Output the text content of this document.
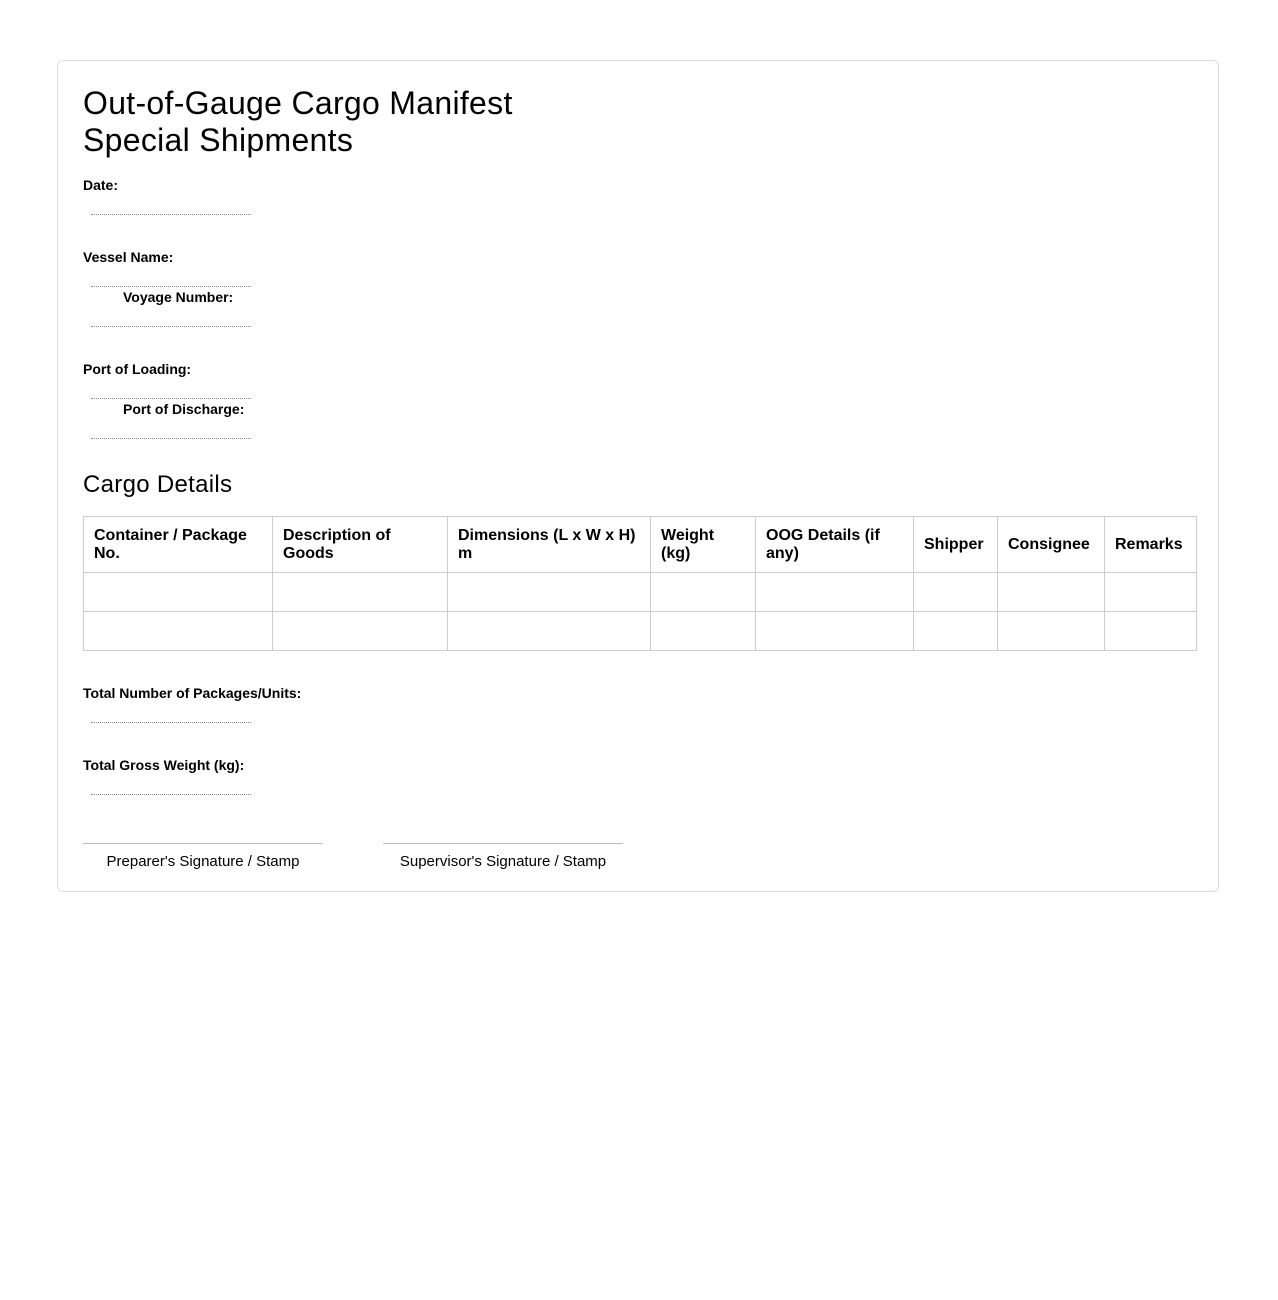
Out-of-Gauge Cargo Manifest
Special Shipments
Date:
Vessel Name:
Voyage Number:
Port of Loading:
Port of Discharge:
Cargo Details
Container / Package No.	Description of Goods	Dimensions (L x W x H) m	Weight (kg)	OOG Details (if any)	Shipper	Consignee	Remarks

Total Number of Packages/Units:
Total Gross Weight (kg):
Preparer's Signature / Stamp	Supervisor's Signature / Stamp
